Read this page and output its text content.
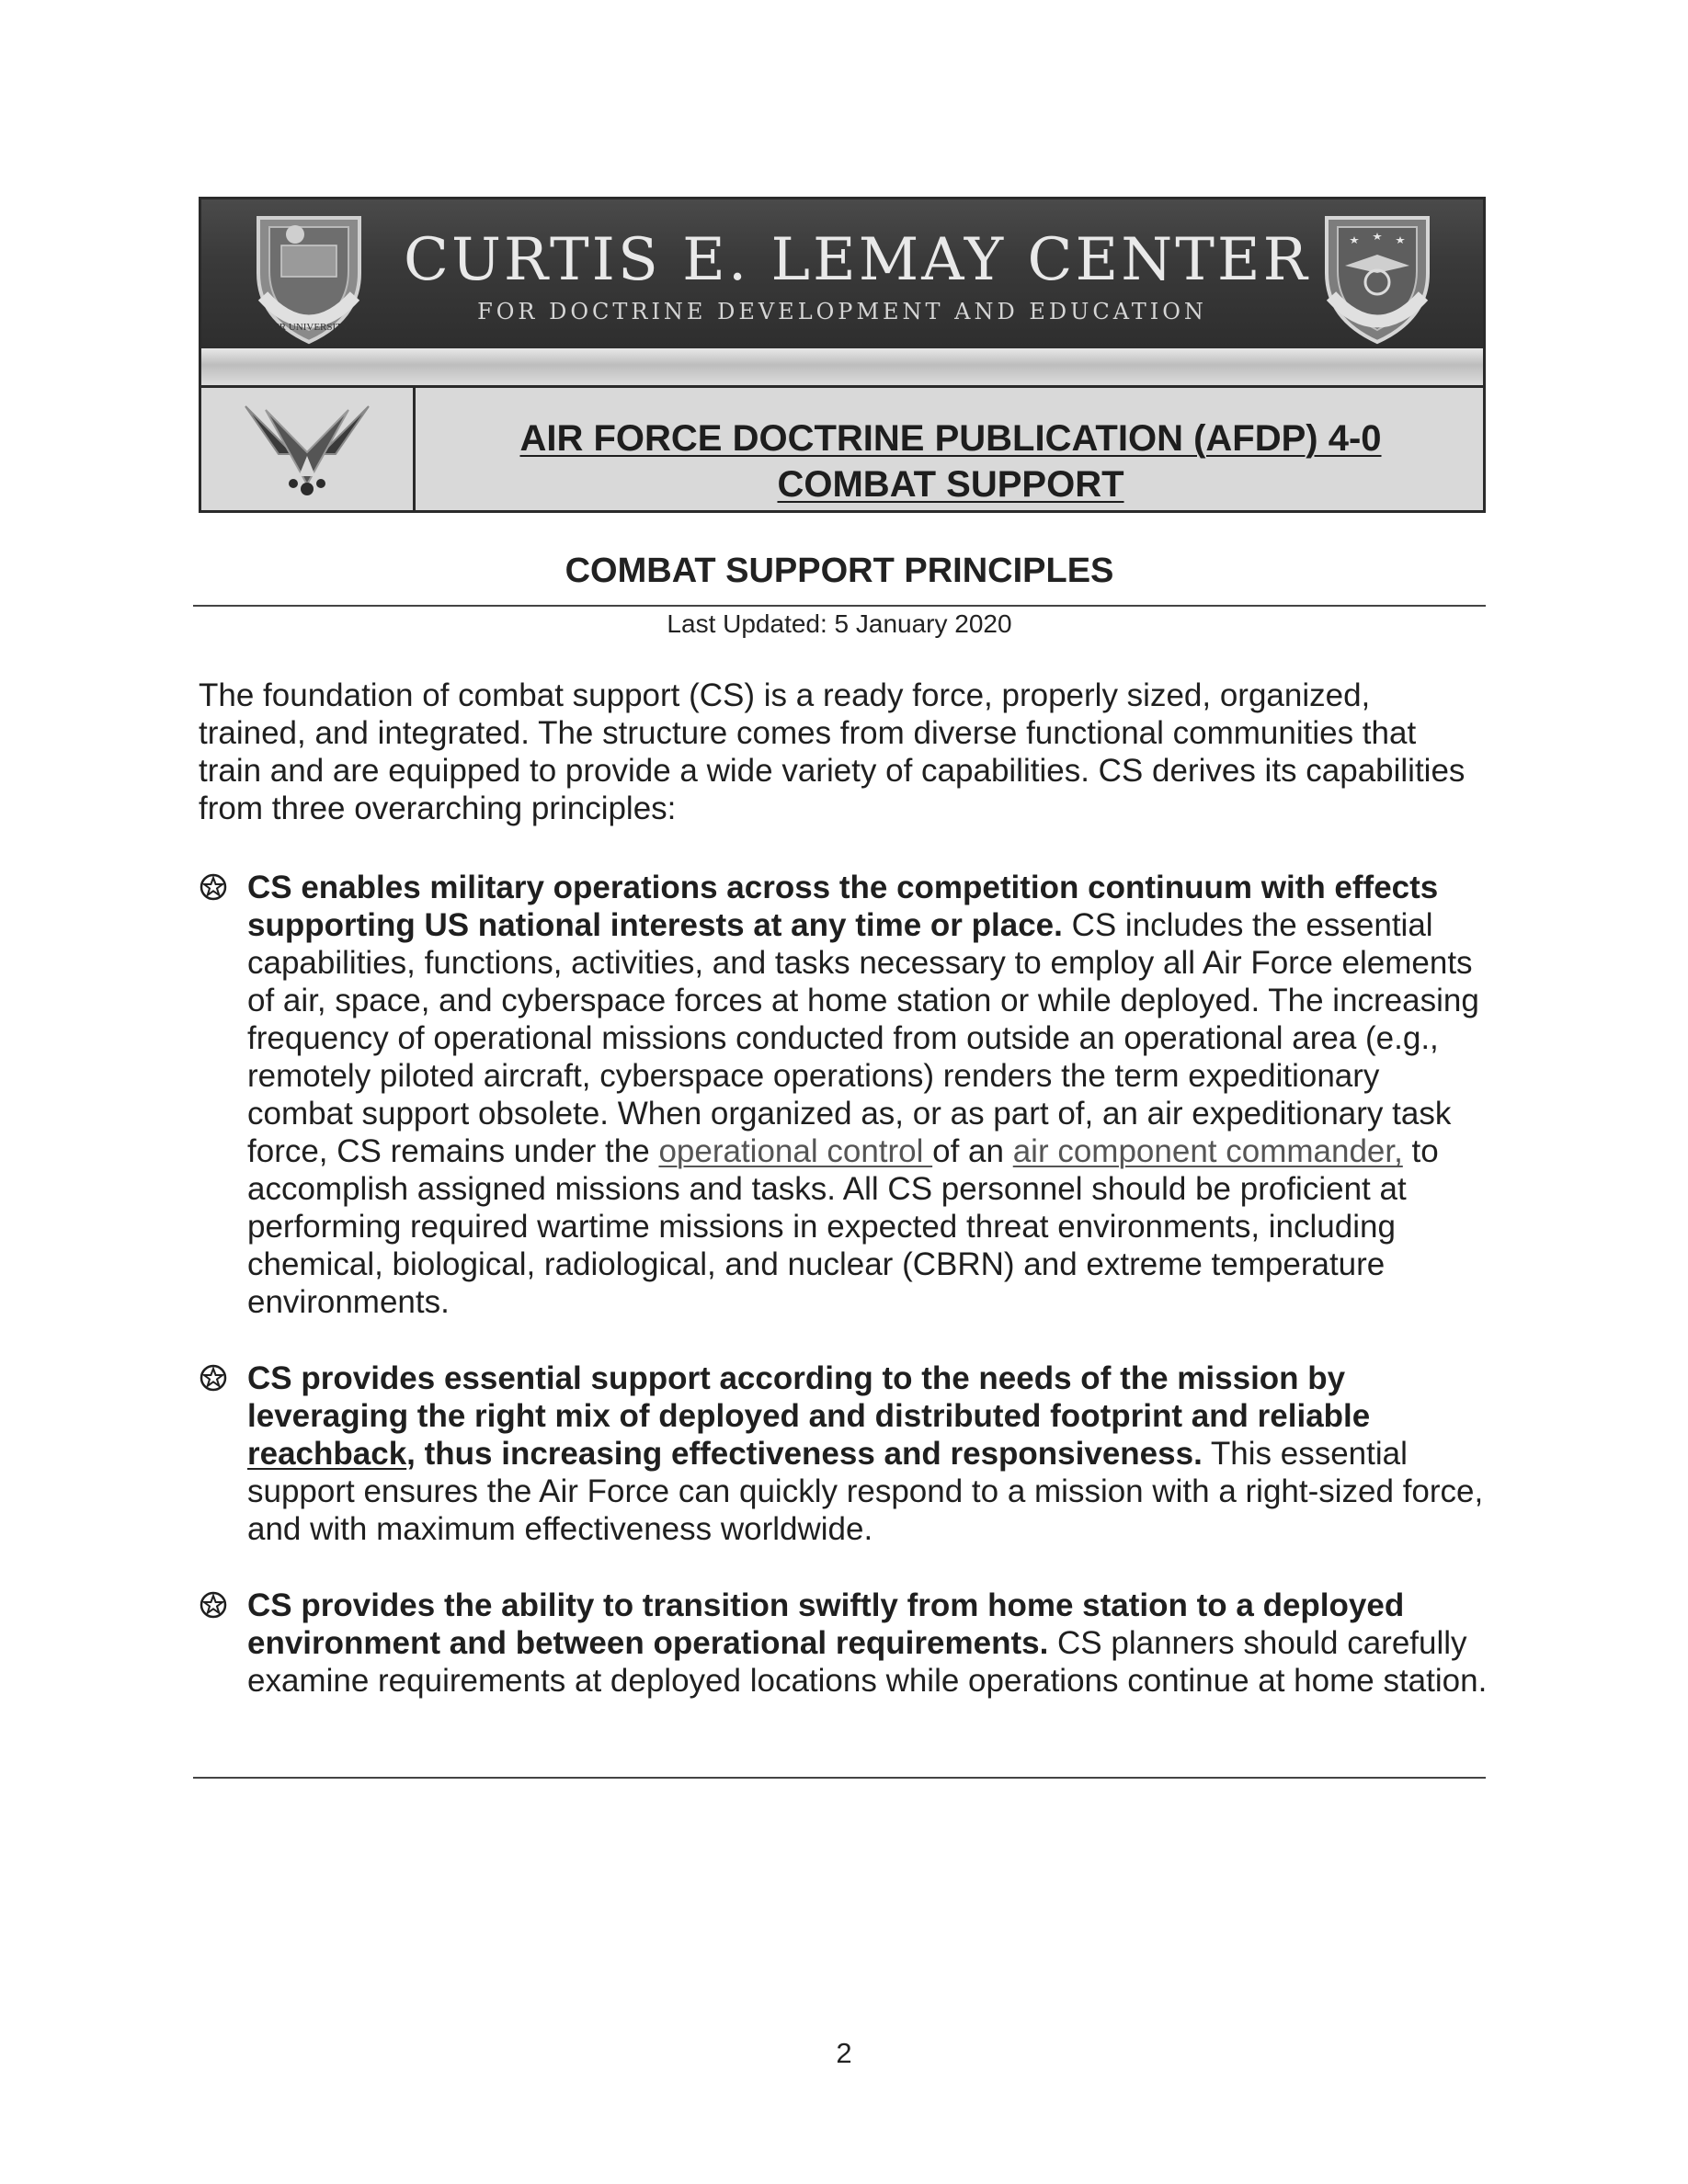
AIR UNIVERSITY
CURTIS E. LEMAY CENTER
FOR DOCTRINE DEVELOPMENT AND EDUCATION
AIR FORCE DOCTRINE PUBLICATION (AFDP) 4-0
COMBAT SUPPORT
COMBAT SUPPORT PRINCIPLES
Last Updated: 5 January 2020
The foundation of combat support (CS) is a ready force, properly sized, organized, trained, and integrated. The structure comes from diverse functional communities that train and are equipped to provide a wide variety of capabilities. CS derives its capabilities from three overarching principles:
CS enables military operations across the competition continuum with effects supporting US national interests at any time or place. CS includes the essential capabilities, functions, activities, and tasks necessary to employ all Air Force elements of air, space, and cyberspace forces at home station or while deployed. The increasing frequency of operational missions conducted from outside an operational area (e.g., remotely piloted aircraft, cyberspace operations) renders the term expeditionary combat support obsolete. When organized as, or as part of, an air expeditionary task force, CS remains under the operational control of an air component commander, to accomplish assigned missions and tasks. All CS personnel should be proficient at performing required wartime missions in expected threat environments, including chemical, biological, radiological, and nuclear (CBRN) and extreme temperature environments.
CS provides essential support according to the needs of the mission by leveraging the right mix of deployed and distributed footprint and reliable reachback, thus increasing effectiveness and responsiveness. This essential support ensures the Air Force can quickly respond to a mission with a right-sized force, and with maximum effectiveness worldwide.
CS provides the ability to transition swiftly from home station to a deployed environment and between operational requirements. CS planners should carefully examine requirements at deployed locations while operations continue at home station.
2
